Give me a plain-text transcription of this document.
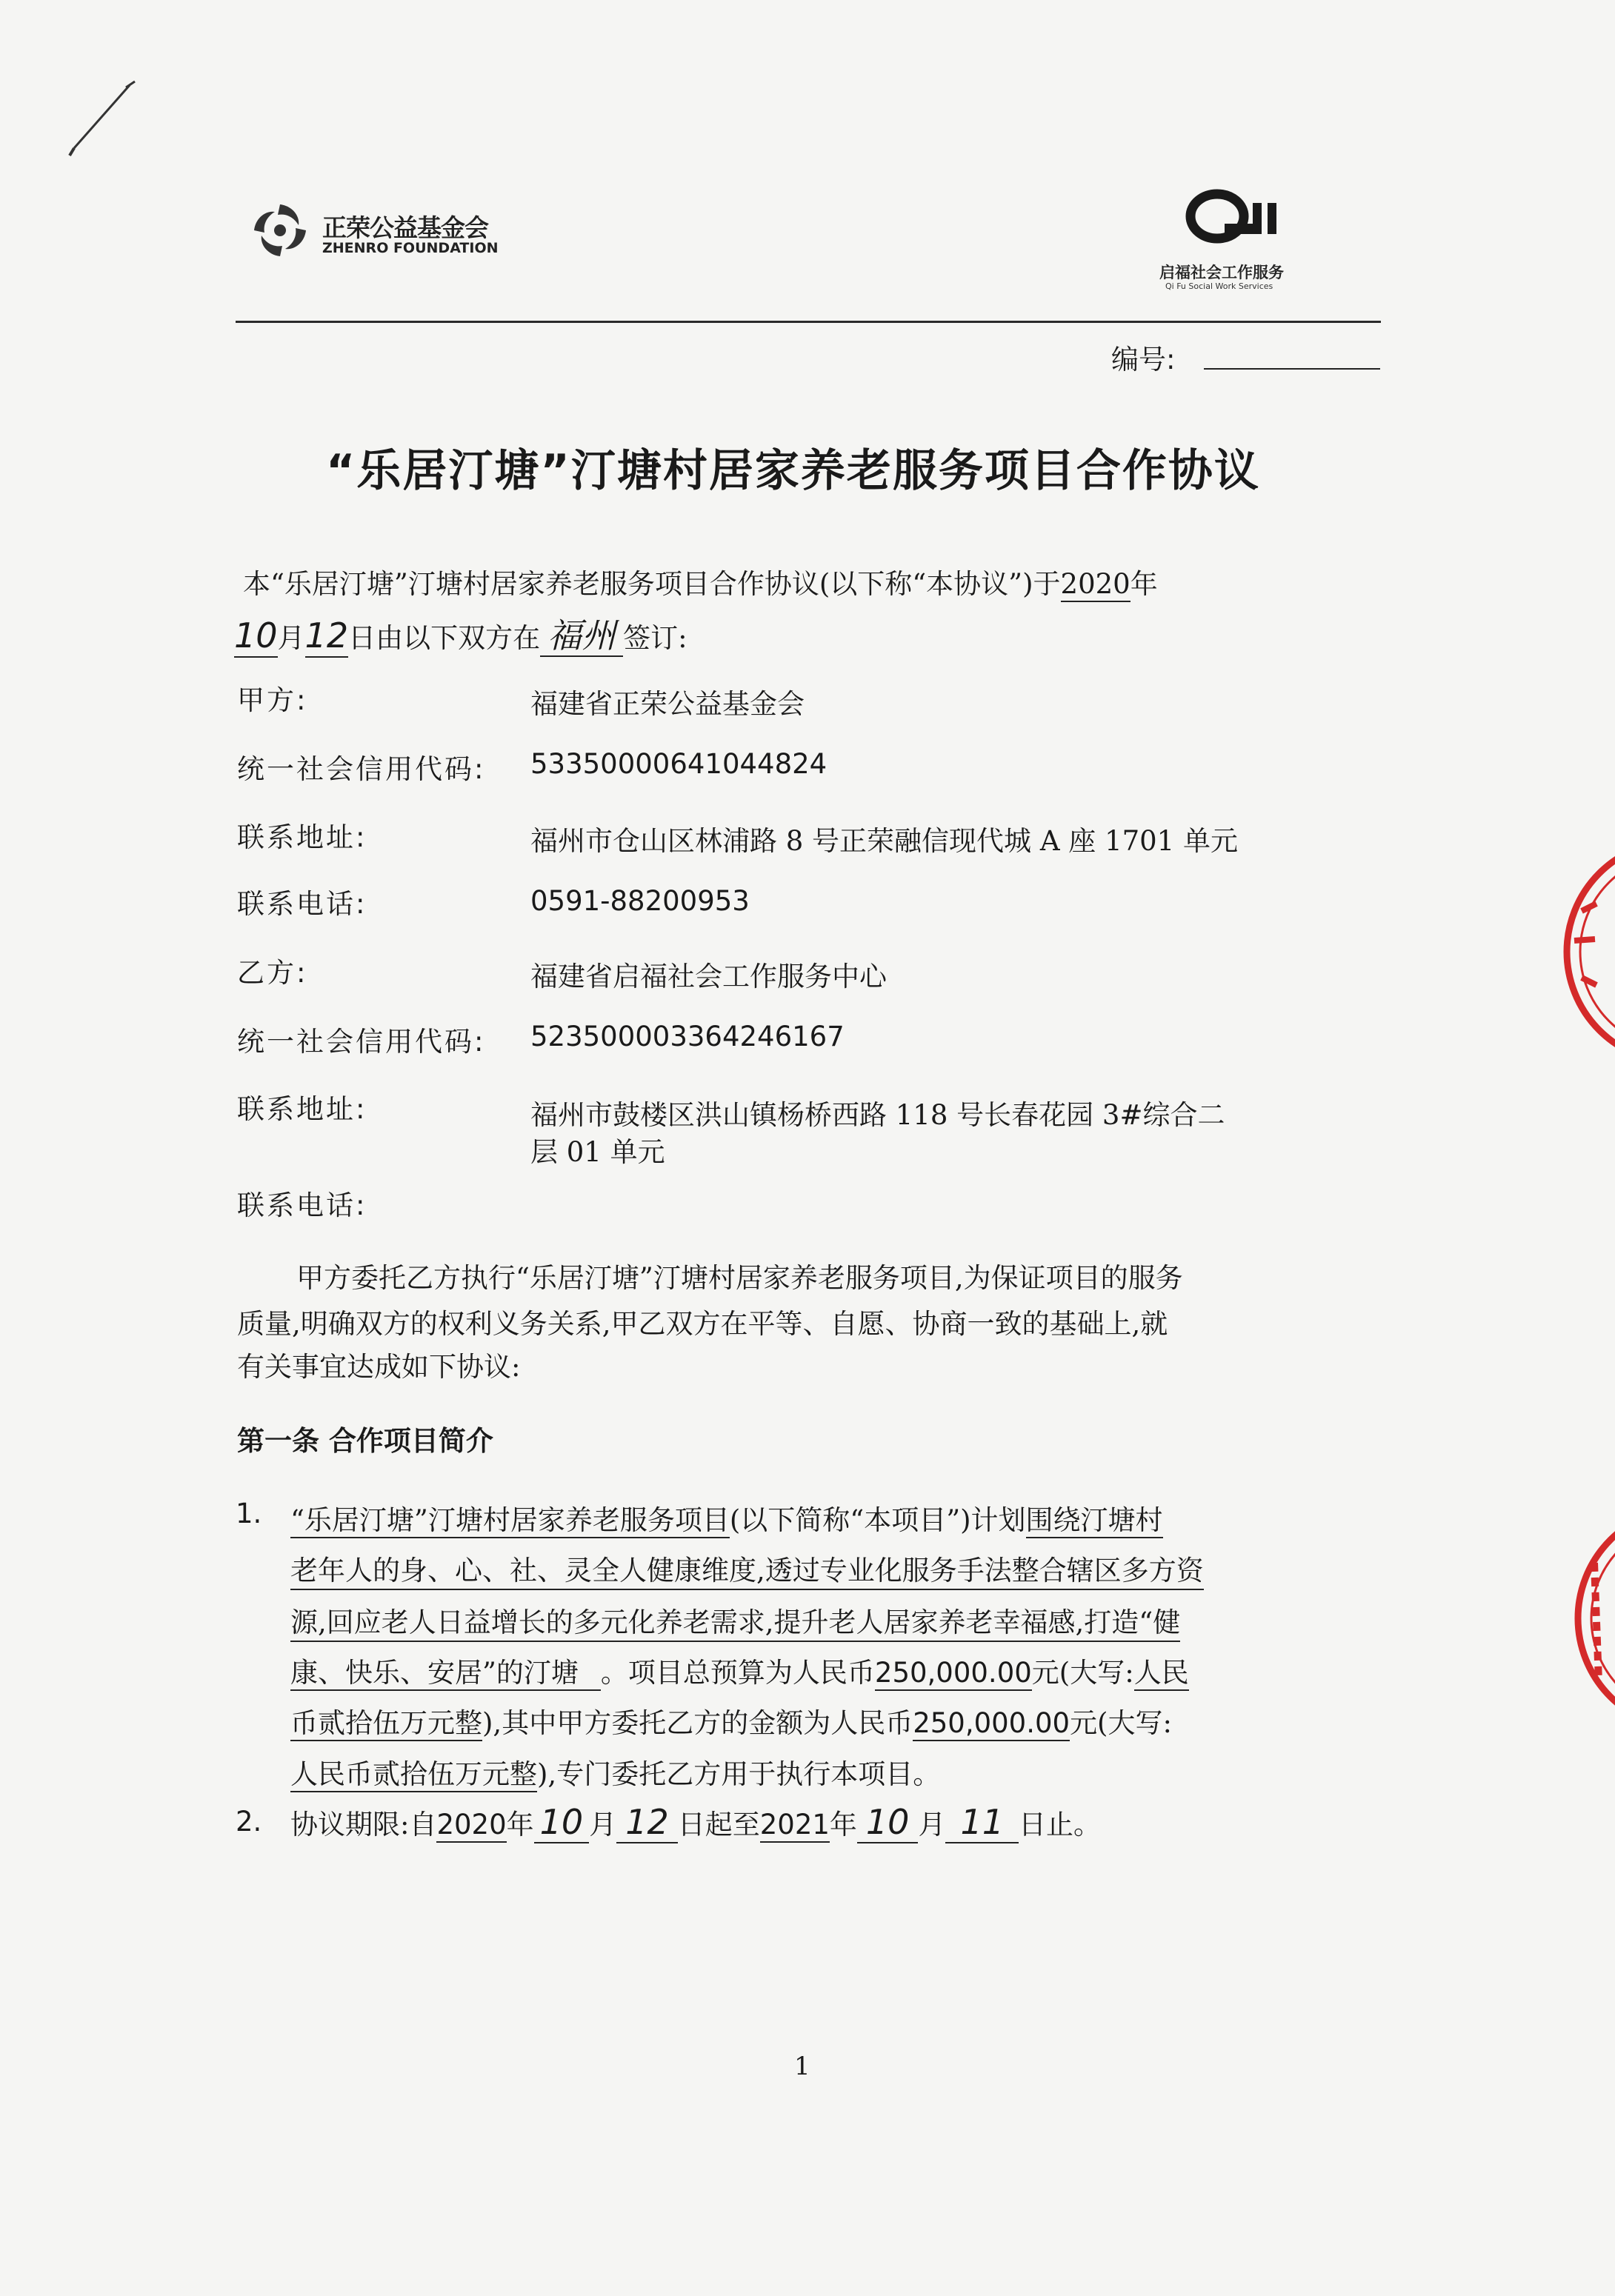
正荣公益基金会
ZHENRO FOUNDATION
启福社会工作服务
Qi Fu Social Work Services
编号:
“乐居汀塘”汀塘村居家养老服务项目合作协议
本“乐居汀塘”汀塘村居家养老服务项目合作协议(以下称“本协议”)于2020年
10月12日由以下双方在 福州 签订:
甲方:	福建省正荣公益基金会
统一社会信用代码: 53350000641044824
联系地址:	福州市仓山区林浦路 8 号正荣融信现代城 A 座 1701 单元
联系电话:	0591-88200953
乙方:	福建省启福社会工作服务中心
统一社会信用代码: 523500003364246167
联系地址:	福州市鼓楼区洪山镇杨桥西路 118 号长春花园 3#综合二
层 01 单元
联系电话:
甲方委托乙方执行“乐居汀塘”汀塘村居家养老服务项目,为保证项目的服务
质量,明确双方的权利义务关系,甲乙双方在平等、自愿、协商一致的基础上,就
有关事宜达成如下协议:
第一条 合作项目简介
1. “乐居汀塘”汀塘村居家养老服务项目(以下简称“本项目”)计划围绕汀塘村
老年人的身、心、社、灵全人健康维度,透过专业化服务手法整合辖区多方资
源,回应老人日益增长的多元化养老需求,提升老人居家养老幸福感,打造“健
康、快乐、安居”的汀塘 。项目总预算为人民币250,000.00元(大写:人民
币贰拾伍万元整),其中甲方委托乙方的金额为人民币250,000.00元(大写:
人民币贰拾伍万元整),专门委托乙方用于执行本项目。
2. 协议期限:自2020年 10 月 12 日起至2021年 10 月 11 日止。
1
